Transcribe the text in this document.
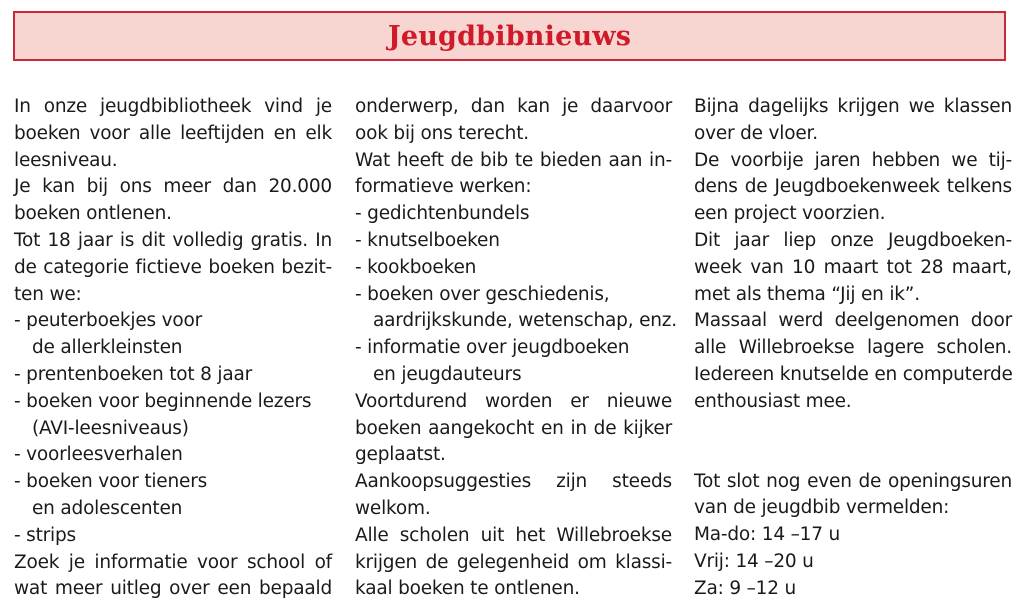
Jeugdbibnieuws
In onze jeugdbibliotheek vind je
boeken voor alle leeftijden en elk
leesniveau.
Je kan bij ons meer dan 20.000
boeken ontlenen.
Tot 18 jaar is dit volledig gratis. In
de categorie fictieve boeken bezit-
ten we:
- peuterboekjes voor
de allerkleinsten
- prentenboeken tot 8 jaar
- boeken voor beginnende lezers
(AVI-leesniveaus)
- voorleesverhalen
- boeken voor tieners
en adolescenten
- strips
Zoek je informatie voor school of
wat meer uitleg over een bepaald
onderwerp, dan kan je daarvoor
ook bij ons terecht.
Wat heeft de bib te bieden aan in-
formatieve werken:
- gedichtenbundels
- knutselboeken
- kookboeken
- boeken over geschiedenis,
aardrijkskunde, wetenschap, enz.
- informatie over jeugdboeken
en jeugdauteurs
Voortdurend worden er nieuwe
boeken aangekocht en in de kijker
geplaatst.
Aankoopsuggesties zijn steeds
welkom.
Alle scholen uit het Willebroekse
krijgen de gelegenheid om klassi-
kaal boeken te ontlenen.
Bijna dagelijks krijgen we klassen
over de vloer.
De voorbije jaren hebben we tij-
dens de Jeugdboekenweek telkens
een project voorzien.
Dit jaar liep onze Jeugdboeken-
week van 10 maart tot 28 maart,
met als thema “Jij en ik”.
Massaal werd deelgenomen door
alle Willebroekse lagere scholen.
Iedereen knutselde en computerde
enthousiast mee.
Tot slot nog even de openingsuren
van de jeugdbib vermelden:
Ma-do: 14 –17 u
Vrij: 14 –20 u
Za: 9 –12 u
